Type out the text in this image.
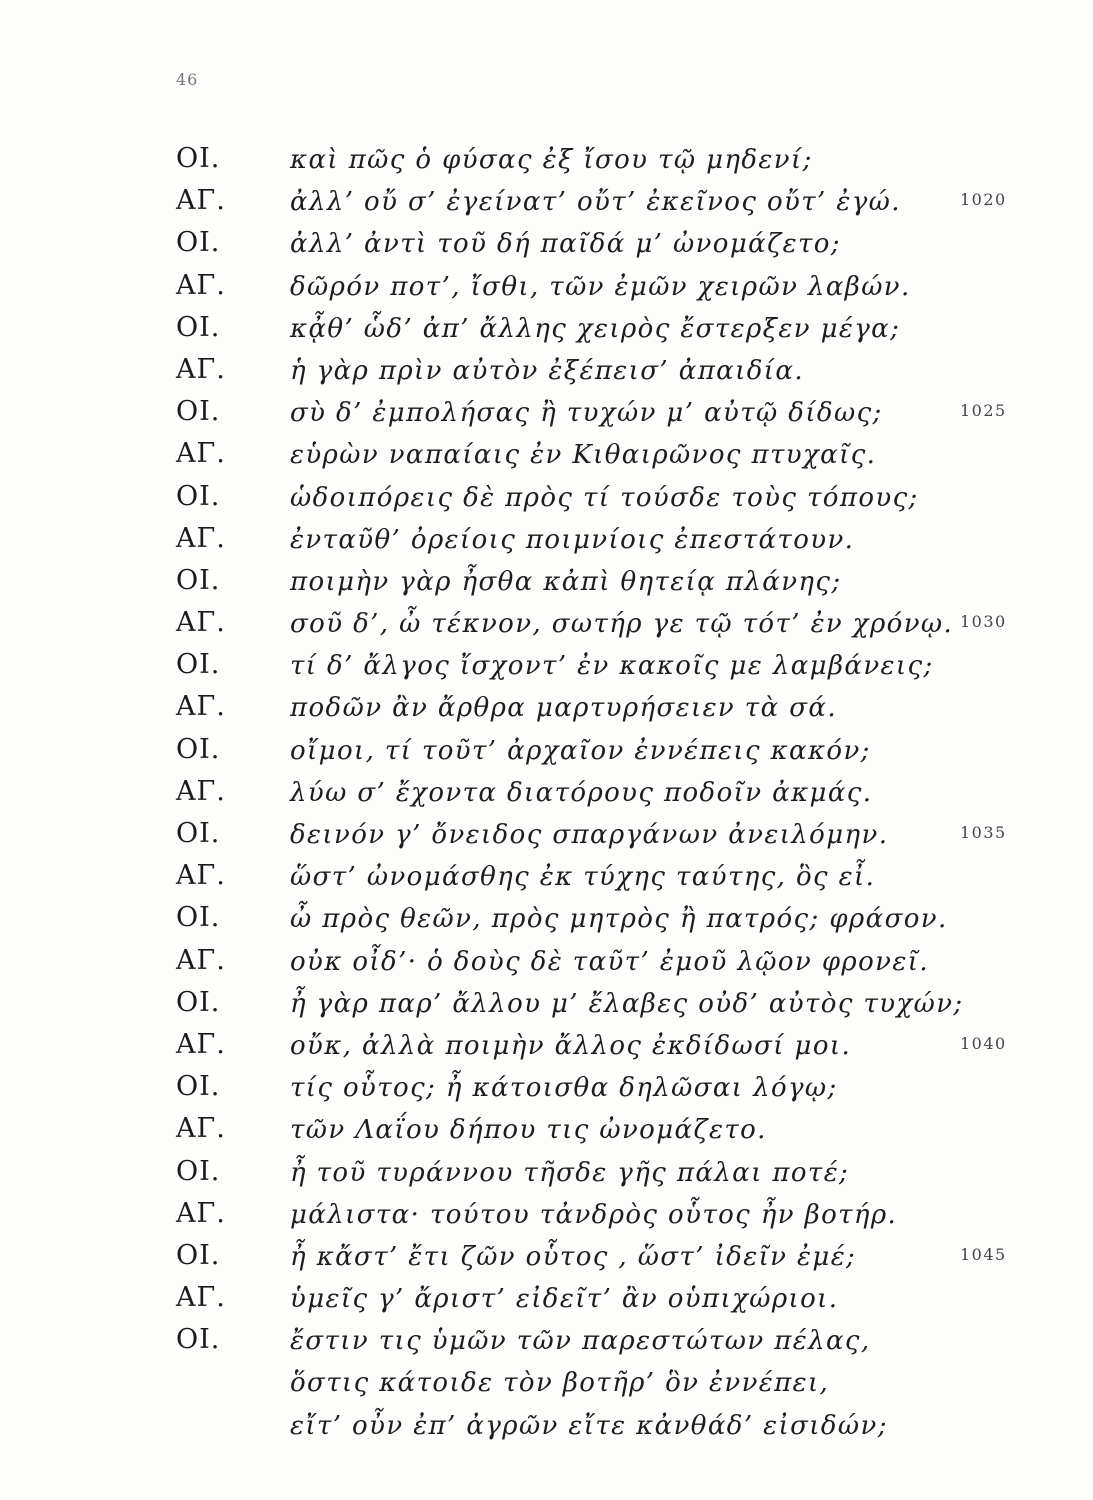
46
ΟΙ.	καὶ πῶς ὁ φύσας ἐξ ἴσου τῷ μηδενί;
ΑΓ. ἀλλ’ οὔ σ’ ἐγείνατ’ οὔτ’ ἐκεῖνος οὔτ’ ἐγώ.	1020
ΟΙ.	ἀλλ’ ἀντὶ τοῦ δή παῖδά μ’ ὠνομάζετο;
ΑΓ. δῶρόν ποτ’, ἴσθι, τῶν ἐμῶν χειρῶν λαβών.
ΟΙ.	κᾆθ’ ὧδ’ ἀπ’ ἄλλης χειρὸς ἔστερξεν μέγα;
ΑΓ. ἡ γὰρ πρὶν αὐτὸν ἐξέπεισ’ ἀπαιδία.
ΟΙ.	σὺ δ’ ἐμπολήσας ἢ τυχών μ’ αὐτῷ δίδως;	1025
ΑΓ. εὑρὼν ναπαίαις ἐν Κιθαιρῶνος πτυχαῖς.
ΟΙ.	ὡδοιπόρεις δὲ πρὸς τί τούσδε τοὺς τόπους;
ΑΓ. ἐνταῦθ’ ὀρείοις ποιμνίοις ἐπεστάτουν.
ΟΙ.	ποιμὴν γὰρ ἦσθα κἀπὶ θητείᾳ πλάνης;
ΑΓ. σοῦ δ’, ὦ τέκνον, σωτήρ γε τῷ τότ’ ἐν χρόνῳ. 1030
ΟΙ.	τί δ’ ἄλγος ἴσχοντ’ ἐν κακοῖς με λαμβάνεις;
ΑΓ. ποδῶν ἂν ἄρθρα μαρτυρήσειεν τὰ σά.
ΟΙ.	οἴμοι, τί τοῦτ’ ἀρχαῖον ἐννέπεις κακόν;
ΑΓ. λύω σ’ ἔχοντα διατόρους ποδοῖν ἀκμάς.
ΟΙ.	δεινόν γ’ ὄνειδος σπαργάνων ἀνειλόμην.	1035
ΑΓ. ὥστ’ ὠνομάσθης ἐκ τύχης ταύτης, ὃς εἶ.
ΟΙ.	ὦ πρὸς θεῶν, πρὸς μητρὸς ἢ πατρός; φράσον.
ΑΓ. οὐκ οἶδ’· ὁ δοὺς δὲ ταῦτ’ ἐμοῦ λῷον φρονεῖ.
ΟΙ.	ἦ γὰρ παρ’ ἄλλου μ’ ἔλαβες οὐδ’ αὐτὸς τυχών;
ΑΓ. οὔκ, ἀλλὰ ποιμὴν ἄλλος ἐκδίδωσί μοι.	1040
ΟΙ.	τίς οὗτος; ἦ κάτοισθα δηλῶσαι λόγῳ;
ΑΓ. τῶν Λαΐου δήπου τις ὠνομάζετο.
ΟΙ.	ἦ τοῦ τυράννου τῆσδε γῆς πάλαι ποτέ;
ΑΓ. μάλιστα· τούτου τἀνδρὸς οὗτος ἦν βοτήρ.
ΟΙ.	ἦ κἄστ’ ἔτι ζῶν οὗτος , ὥστ’ ἰδεῖν ἐμέ;	1045
ΑΓ. ὑμεῖς γ’ ἄριστ’ εἰδεῖτ’ ἂν οὑπιχώριοι.
ΟΙ.	ἔστιν τις ὑμῶν τῶν παρεστώτων πέλας,
ὅστις κάτοιδε τὸν βοτῆρ’ ὃν ἐννέπει,
εἴτ’ οὖν ἐπ’ ἀγρῶν εἴτε κἀνθάδ’ εἰσιδών;
